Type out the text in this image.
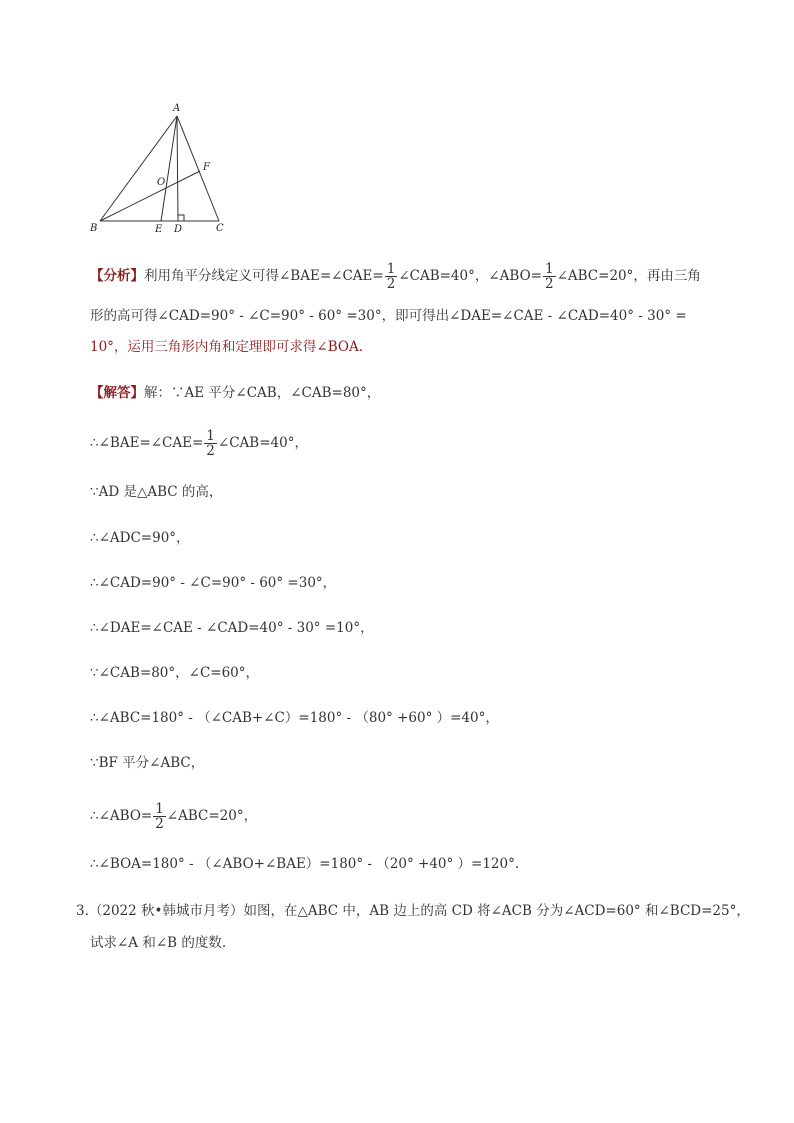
A
B	C
D
E
F
O
【分析】利用角平分线定义可得∠BAE=∠CAE= $\frac{1}{2}$ ∠CAB=40°，∠ABO= $\frac{1}{2}$ ∠ABC=20°，再由三角
形的高可得∠CAD=90° - ∠C=90° - 60° =30°，即可得出∠DAE=∠CAE - ∠CAD=40° - 30° =
10°，运用三角形内角和定理即可求得∠BOA.
【解答】解：∵AE 平分∠CAB，∠CAB=80°，
∴∠BAE=∠CAE= $\frac{1}{2}$ ∠CAB=40°，
∵AD 是△ABC 的高，
∴∠ADC=90°，
∴∠CAD=90° - ∠C=90° - 60° =30°，
∴∠DAE=∠CAE - ∠CAD=40° - 30° =10°，
∵∠CAB=80°，∠C=60°，
∴∠ABC=180° - （∠CAB+∠C）=180° - （80° +60° ）=40°，
∵BF 平分∠ABC，
∴∠ABO= $\frac{1}{2}$ ∠ABC=20°，
∴∠BOA=180° - （∠ABO+∠BAE）=180° - （20° +40° ）=120°.
3.（2022 秋•韩城市月考）如图，在△ABC 中，AB 边上的高 CD 将∠ACB 分为∠ACD=60° 和∠BCD=25°，
试求∠A 和∠B 的度数.
